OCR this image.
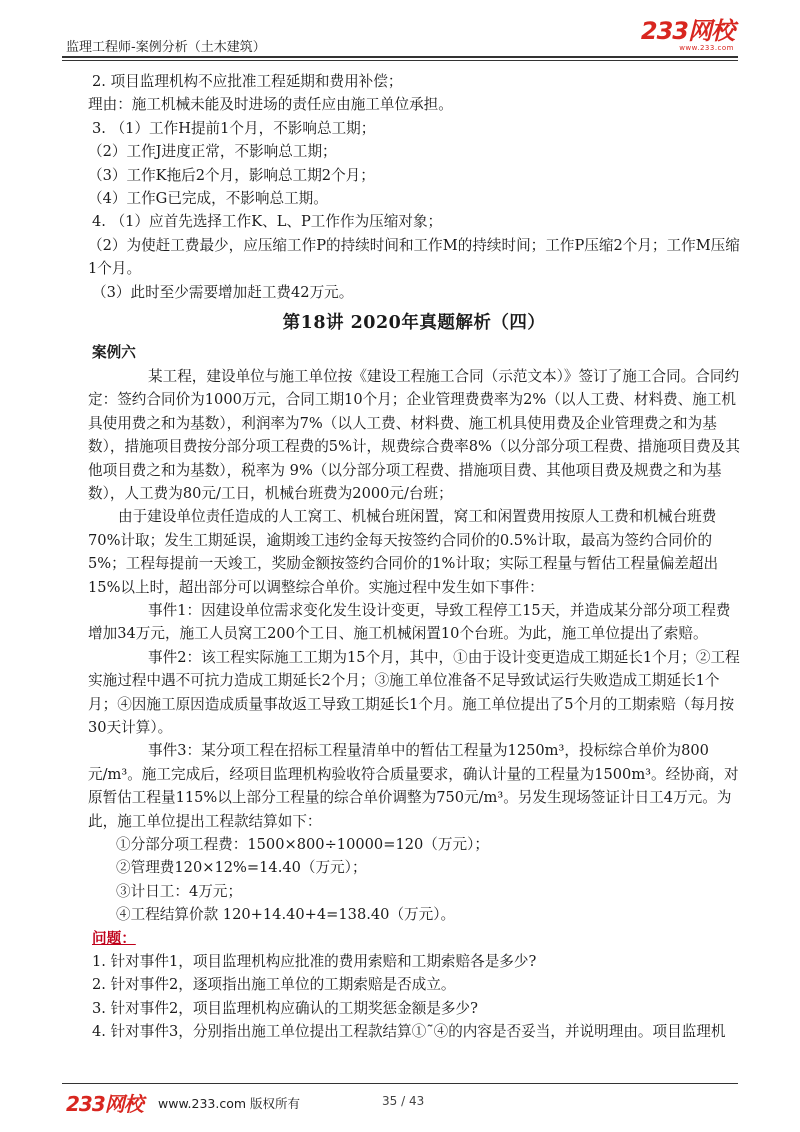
监理工程师-案例分析（土木建筑）
233网校
www.233.com

2. 项目监理机构不应批准工程延期和费用补偿；

理由：施工机械未能及时进场的责任应由施工单位承担。

3. （1）工作H提前1个月，不影响总工期；

（2）工作J进度正常，不影响总工期；

（3）工作K拖后2个月，影响总工期2个月；

（4）工作G已完成，不影响总工期。

4. （1）应首先选择工作K、L、P工作作为压缩对象；

（2）为使赶工费最少，应压缩工作P的持续时间和工作M的持续时间；工作P压缩2个月；工作M压缩1个月。

（3）此时至少需要增加赶工费42万元。

第18讲 2020年真题解析（四）

案例六

某工程，建设单位与施工单位按《建设工程施工合同（示范文本）》签订了施工合同。合同约定：签约合同价为1000万元，合同工期10个月；企业管理费费率为2%（以人工费、材料费、施工机具使用费之和为基数），利润率为7%（以人工费、材料费、施工机具使用费及企业管理费之和为基数），措施项目费按分部分项工程费的5%计，规费综合费率8%（以分部分项工程费、措施项目费及其他项目费之和为基数），税率为 9%（以分部分项工程费、措施项目费、其他项目费及规费之和为基数），人工费为80元/工日，机械台班费为2000元/台班；

由于建设单位责任造成的人工窝工、机械台班闲置，窝工和闲置费用按原人工费和机械台班费70%计取；发生工期延误，逾期竣工违约金每天按签约合同价的0.5%计取，最高为签约合同价的5%；工程每提前一天竣工，奖励金额按签约合同价的1%计取；实际工程量与暂估工程量偏差超出15%以上时，超出部分可以调整综合单价。实施过程中发生如下事件：

事件1：因建设单位需求变化发生设计变更，导致工程停工15天，并造成某分部分项工程费增加34万元，施工人员窝工200个工日、施工机械闲置10个台班。为此，施工单位提出了索赔。

事件2：该工程实际施工工期为15个月，其中，①由于设计变更造成工期延长1个月；②工程实施过程中遇不可抗力造成工期延长2个月；③施工单位准备不足导致试运行失败造成工期延长1个月；④因施工原因造成质量事故返工导致工期延长1个月。施工单位提出了5个月的工期索赔（每月按30天计算）。

事件3：某分项工程在招标工程量清单中的暂估工程量为1250m³，投标综合单价为800元/m³。施工完成后，经项目监理机构验收符合质量要求，确认计量的工程量为1500m³。经协商，对原暂估工程量115%以上部分工程量的综合单价调整为750元/m³。另发生现场签证计日工4万元。为此，施工单位提出工程款结算如下：

①分部分项工程费：1500×800÷10000=120（万元）；

②管理费120×12%=14.40（万元）；

③计日工：4万元；

④工程结算价款 120+14.40+4=138.40（万元）。

问题：

1. 针对事件1，项目监理机构应批准的费用索赔和工期索赔各是多少?

2. 针对事件2，逐项指出施工单位的工期索赔是否成立。

3. 针对事件2，项目监理机构应确认的工期奖惩金额是多少?

4. 针对事件3，分别指出施工单位提出工程款结算①˜④的内容是否妥当，并说明理由。项目监理机

233网校 www.233.com 版权所有	35 / 43
